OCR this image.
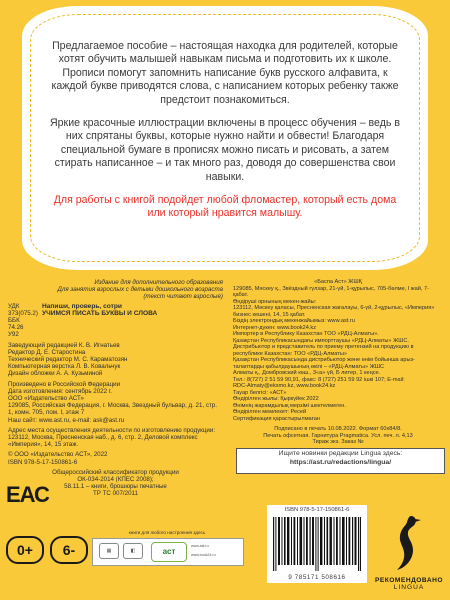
Предлагаемое пособие – настоящая находка для родителей, которые хотят обучить малышей навыкам письма и подготовить их к школе. Прописи помогут запомнить написание букв русского алфавита, к каждой букве приводятся слова, с написанием которых ребенку также предстоит познакомиться.

Яркие красочные иллюстрации включены в процесс обучения – ведь в них спрятаны буквы, которые нужно найти и обвести! Благодаря специальной бумаге в прописях можно писать и рисовать, а затем стирать написанное – и так много раз, доводя до совершенства свои навыки.

Для работы с книгой подойдет любой фломастер, который есть дома или который нравится малышу.

Издание для дополнительного образования
Для занятия взрослых с детьми дошкольного возраста
(текст читают взрослые)
УДК 373(075.2)
ББК 74.26
У92
Напиши, проверь, сотри
УЧИМСЯ ПИСАТЬ БУКВЫ И СЛОВА
Заведующий редакцией К. В. Игнатьев
Редактор Д. Е. Старостина
Технический редактор М. С. Караматозян
Компьютерная верстка Л. В. Ковальчук
Дизайн обложки А. А. Кузьминой
Произведено в Российской Федерации
Дата изготовления: сентябрь 2022 г.
ООО «Издательство АСТ»
129085, Российская Федерация, г. Москва, Звездный бульвар, д. 21, стр. 1, комн. 705, пом. I, этаж 7
Наш сайт: www.ast.ru, e-mail: ask@ast.ru
Адрес места осуществления деятельности по изготовлению продукции:
123112, Москва, Пресненская наб., д. 6, стр. 2, Деловой комплекс «Империя», 14, 15 этаж.
© ООО «Издательство АСТ», 2022
ISBN 978-5-17-150861-6
Общероссийский классификатор продукции
ОК-034-2014 (КПЕС 2008);
58.11.1 – книги, брошюры печатные
ТР ТС 007/2011
«Баспа Аст» ЖШҚ
129085, Мәскеу қ., Звёздный гүлзар, 21-үй, 1-құрылыс, 705-бөлме, I жай, 7-қабат.
Өндіруші орнының мекен-жайы:
123112, Мәскеу қаласы, Пресненская жағалауы, 6-үй, 2-құрылыс, «Империя» бизнес кешені, 14, 15 қабат.
Біздің электрондық мекенжайымыз: www.ast.ru
Интернет-дүкен: www.book24.kz
Импортер в Республику Казахстан ТОО «РДЦ-Алматы».
Қазақстан Республикасындағы импорттаушы «РДЦ-Алматы» ЖШС.
Дистрибьютор и представитель по приему претензий на продукцию в республике Казахстан: ТОО «РДЦ-Алматы»
Қазақстан Республикасында дистрибьютор және өнім бойынша арыз-талаптарды қабылдаушының өкілі – «РДЦ-Алматы» ЖШС
Алматы қ., Домбровский көш., 3«а» үй, Б литер, 1 кеңсе.
Тел.: 8(727) 2 51 59 90,91, факс: 8 (727) 251 59 92 ішкі 107; E-mail:
RDC-Almaty@eksmo.kz, www.book24.kz
Тауар белгісі: «АСТ»
Өндірілген жылы: Қыркүйек 2022
Өнімнің жарамдылық мерзімі шектелмеген.
Өндірілген мемлекет: Ресей
Сертификация қарастырылмаған
Подписано в печать 10.08.2022. Формат 60x84/8.
Печать офсетная. Гарнитура Pragmatica. Усл. печ. л. 4,13
Тираж экз. Заказ №
Ищите новинки редакции Lingua здесь:
https://ast.ru/redactions/lingua/
ЕАС
0+	6-
книги для любого настроения здесь
▦	◧	аст
www.ast.ru
www.book24.ru
ISBN 978-5-17-150861-6
9 785171 508616	РЕКОМЕНДОВАНО
LINGUA
